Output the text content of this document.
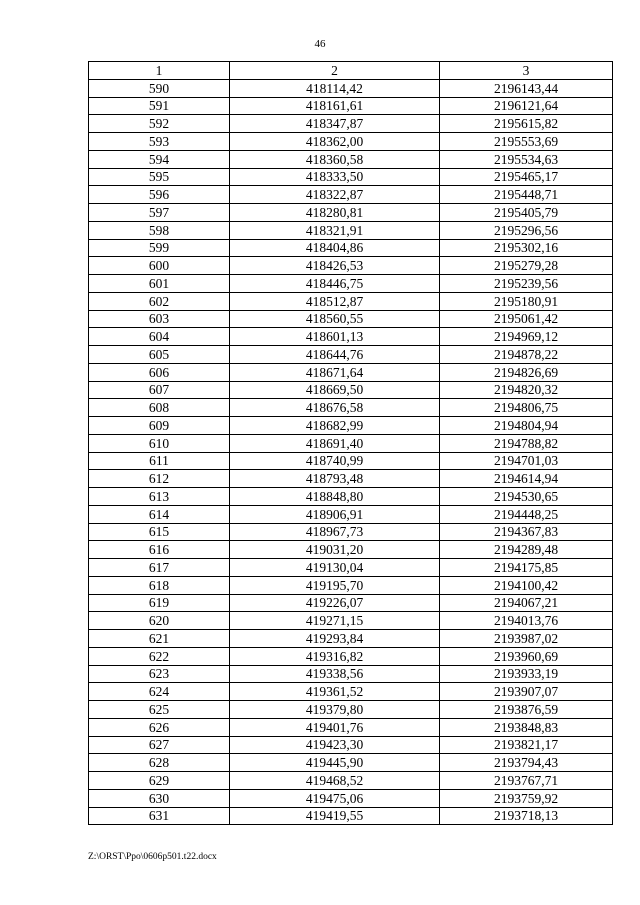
46
1	2	3
590	418114,42	2196143,44
591	418161,61	2196121,64
592	418347,87	2195615,82
593	418362,00	2195553,69
594	418360,58	2195534,63
595	418333,50	2195465,17
596	418322,87	2195448,71
597	418280,81	2195405,79
598	418321,91	2195296,56
599	418404,86	2195302,16
600	418426,53	2195279,28
601	418446,75	2195239,56
602	418512,87	2195180,91
603	418560,55	2195061,42
604	418601,13	2194969,12
605	418644,76	2194878,22
606	418671,64	2194826,69
607	418669,50	2194820,32
608	418676,58	2194806,75
609	418682,99	2194804,94
610	418691,40	2194788,82
611	418740,99	2194701,03
612	418793,48	2194614,94
613	418848,80	2194530,65
614	418906,91	2194448,25
615	418967,73	2194367,83
616	419031,20	2194289,48
617	419130,04	2194175,85
618	419195,70	2194100,42
619	419226,07	2194067,21
620	419271,15	2194013,76
621	419293,84	2193987,02
622	419316,82	2193960,69
623	419338,56	2193933,19
624	419361,52	2193907,07
625	419379,80	2193876,59
626	419401,76	2193848,83
627	419423,30	2193821,17
628	419445,90	2193794,43
629	419468,52	2193767,71
630	419475,06	2193759,92
631	419419,55	2193718,13
Z:\ORST\Ppo\0606p501.t22.docx
